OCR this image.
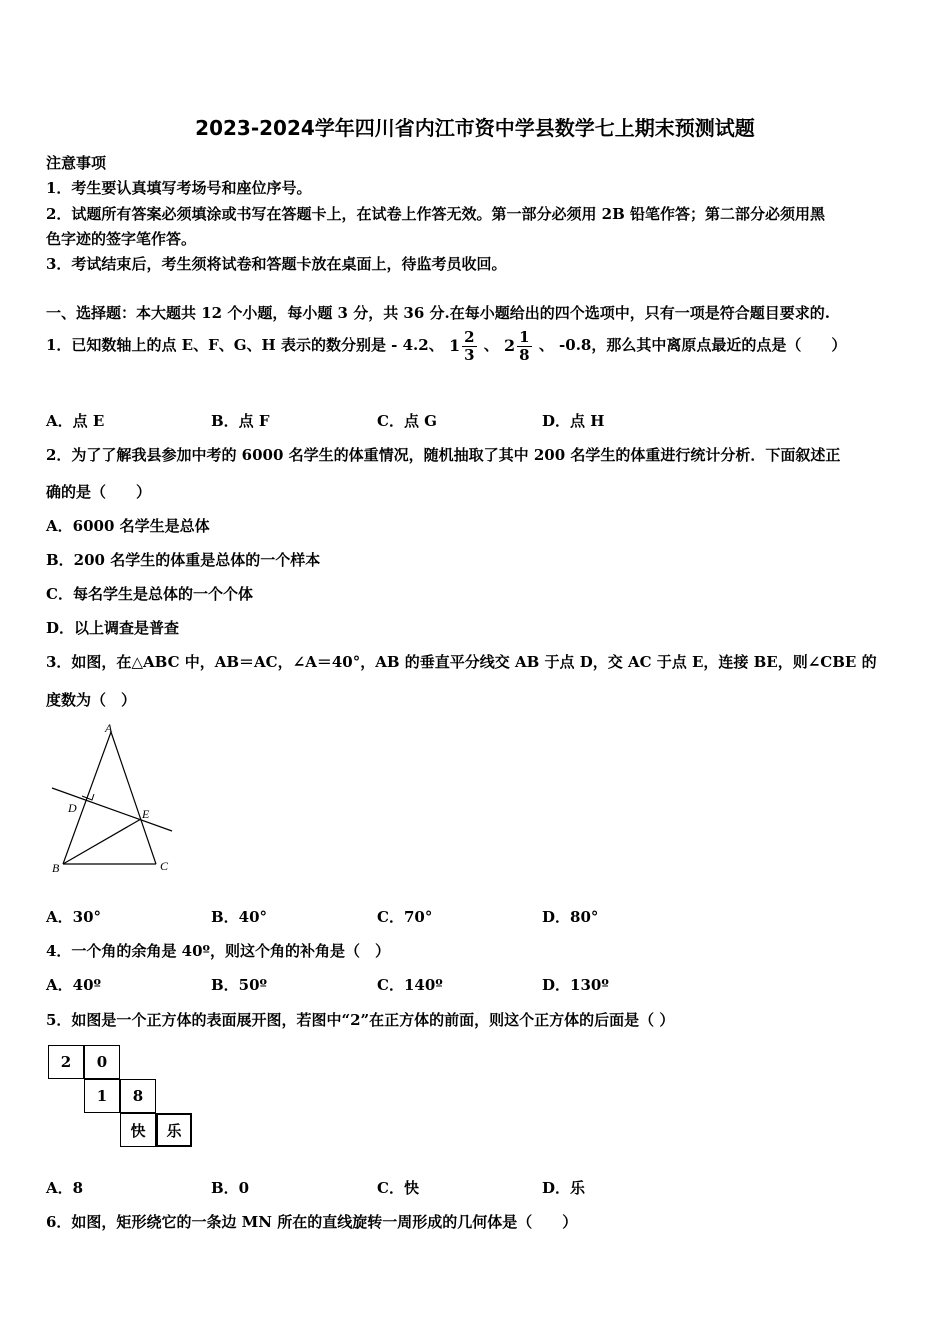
2023-2024学年四川省内江市资中学县数学七上期末预测试题
注意事项
1．考生要认真填写考场号和座位序号。
2．试题所有答案必须填涂或书写在答题卡上，在试卷上作答无效。第一部分必须用 2B 铅笔作答；第二部分必须用黑
色字迹的签字笔作答。
3．考试结束后，考生须将试卷和答题卡放在桌面上，待监考员收回。
一、选择题：本大题共 12 个小题，每小题 3 分，共 36 分.在每小题给出的四个选项中，只有一项是符合题目要求的.
1．已知数轴上的点 E、F、G、H 表示的数分别是 - 4.2、 $1 \frac{2}{3}$ 、 $2 \frac{1}{8}$ 、 -0.8，那么其中离原点最近的点是（　　）
A．点 E	B．点 F	C．点 G	D．点 H
2．为了了解我县参加中考的 6000 名学生的体重情况，随机抽取了其中 200 名学生的体重进行统计分析．下面叙述正
确的是（　　）
A．6000 名学生是总体
B．200 名学生的体重是总体的一个样本
C．每名学生是总体的一个个体
D．以上调查是普查
3．如图，在△ABC 中，AB＝AC，∠A＝40°，AB 的垂直平分线交 AB 于点 D，交 AC 于点 E，连接 BE，则∠CBE 的
度数为（　）
A
B	C
D	E
A．30°	B．40°	C．70°	D．80°
4．一个角的余角是 40º，则这个角的补角是（　）
A．40º	B．50º	C．140º	D．130º
5．如图是一个正方体的表面展开图，若图中“2”在正方体的前面，则这个正方体的后面是（ ）
2	0
1	8
快	乐
A．8	B．0	C．快	D．乐
6．如图，矩形绕它的一条边 MN 所在的直线旋转一周形成的几何体是（　　）
